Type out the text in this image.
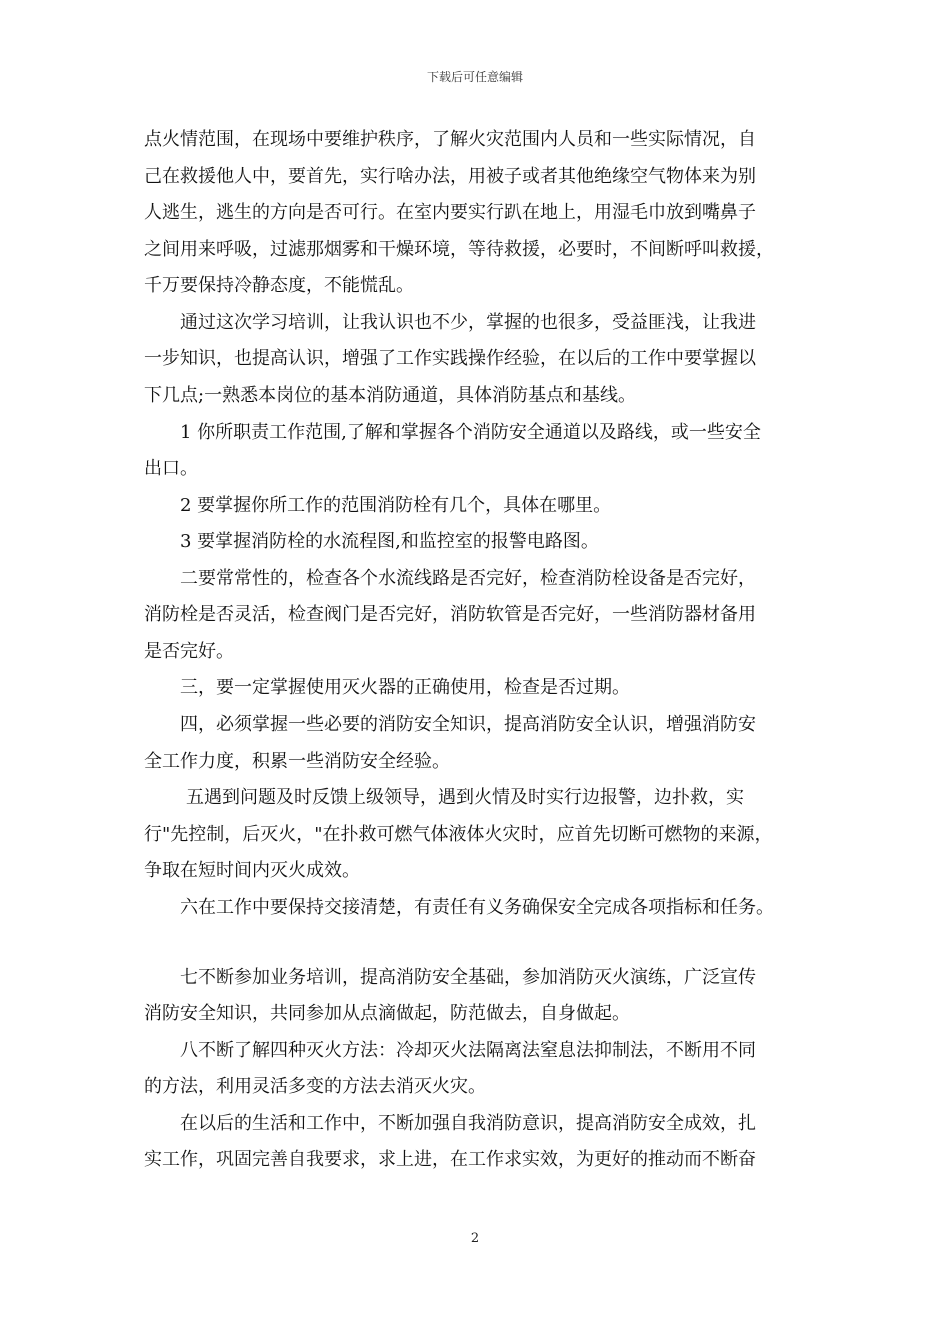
下载后可任意编辑
点火情范围，在现场中要维护秩序，了解火灾范围内人员和一些实际情况，自
己在救援他人中，要首先，实行啥办法，用被子或者其他绝缘空气物体来为别
人逃生，逃生的方向是否可行。在室内要实行趴在地上，用湿毛巾放到嘴鼻子
之间用来呼吸，过滤那烟雾和干燥环境，等待救援，必要时，不间断呼叫救援，
千万要保持冷静态度，不能慌乱。
通过这次学习培训，让我认识也不少，掌握的也很多，受益匪浅，让我进
一步知识，也提高认识，增强了工作实践操作经验，在以后的工作中要掌握以
下几点;一熟悉本岗位的基本消防通道，具体消防基点和基线。
1 你所职责工作范围,了解和掌握各个消防安全通道以及路线，或一些安全
出口。
2 要掌握你所工作的范围消防栓有几个，具体在哪里。
3 要掌握消防栓的水流程图,和监控室的报警电路图。
二要常常性的，检查各个水流线路是否完好，检查消防栓设备是否完好，
消防栓是否灵活，检查阀门是否完好，消防软管是否完好，一些消防器材备用
是否完好。
三，要一定掌握使用灭火器的正确使用，检查是否过期。
四，必须掌握一些必要的消防安全知识，提高消防安全认识，增强消防安
全工作力度，积累一些消防安全经验。
五遇到问题及时反馈上级领导，遇到火情及时实行边报警，边扑救，实
行"先控制，后灭火，"在扑救可燃气体液体火灾时，应首先切断可燃物的来源，
争取在短时间内灭火成效。
六在工作中要保持交接清楚，有责任有义务确保安全完成各项指标和任务。
七不断参加业务培训，提高消防安全基础，参加消防灭火演练，广泛宣传
消防安全知识，共同参加从点滴做起，防范做去，自身做起。
八不断了解四种灭火方法：冷却灭火法隔离法窒息法抑制法，不断用不同
的方法，利用灵活多变的方法去消灭火灾。
在以后的生活和工作中，不断加强自我消防意识，提高消防安全成效，扎
实工作，巩固完善自我要求，求上进，在工作求实效，为更好的推动而不断奋
2
